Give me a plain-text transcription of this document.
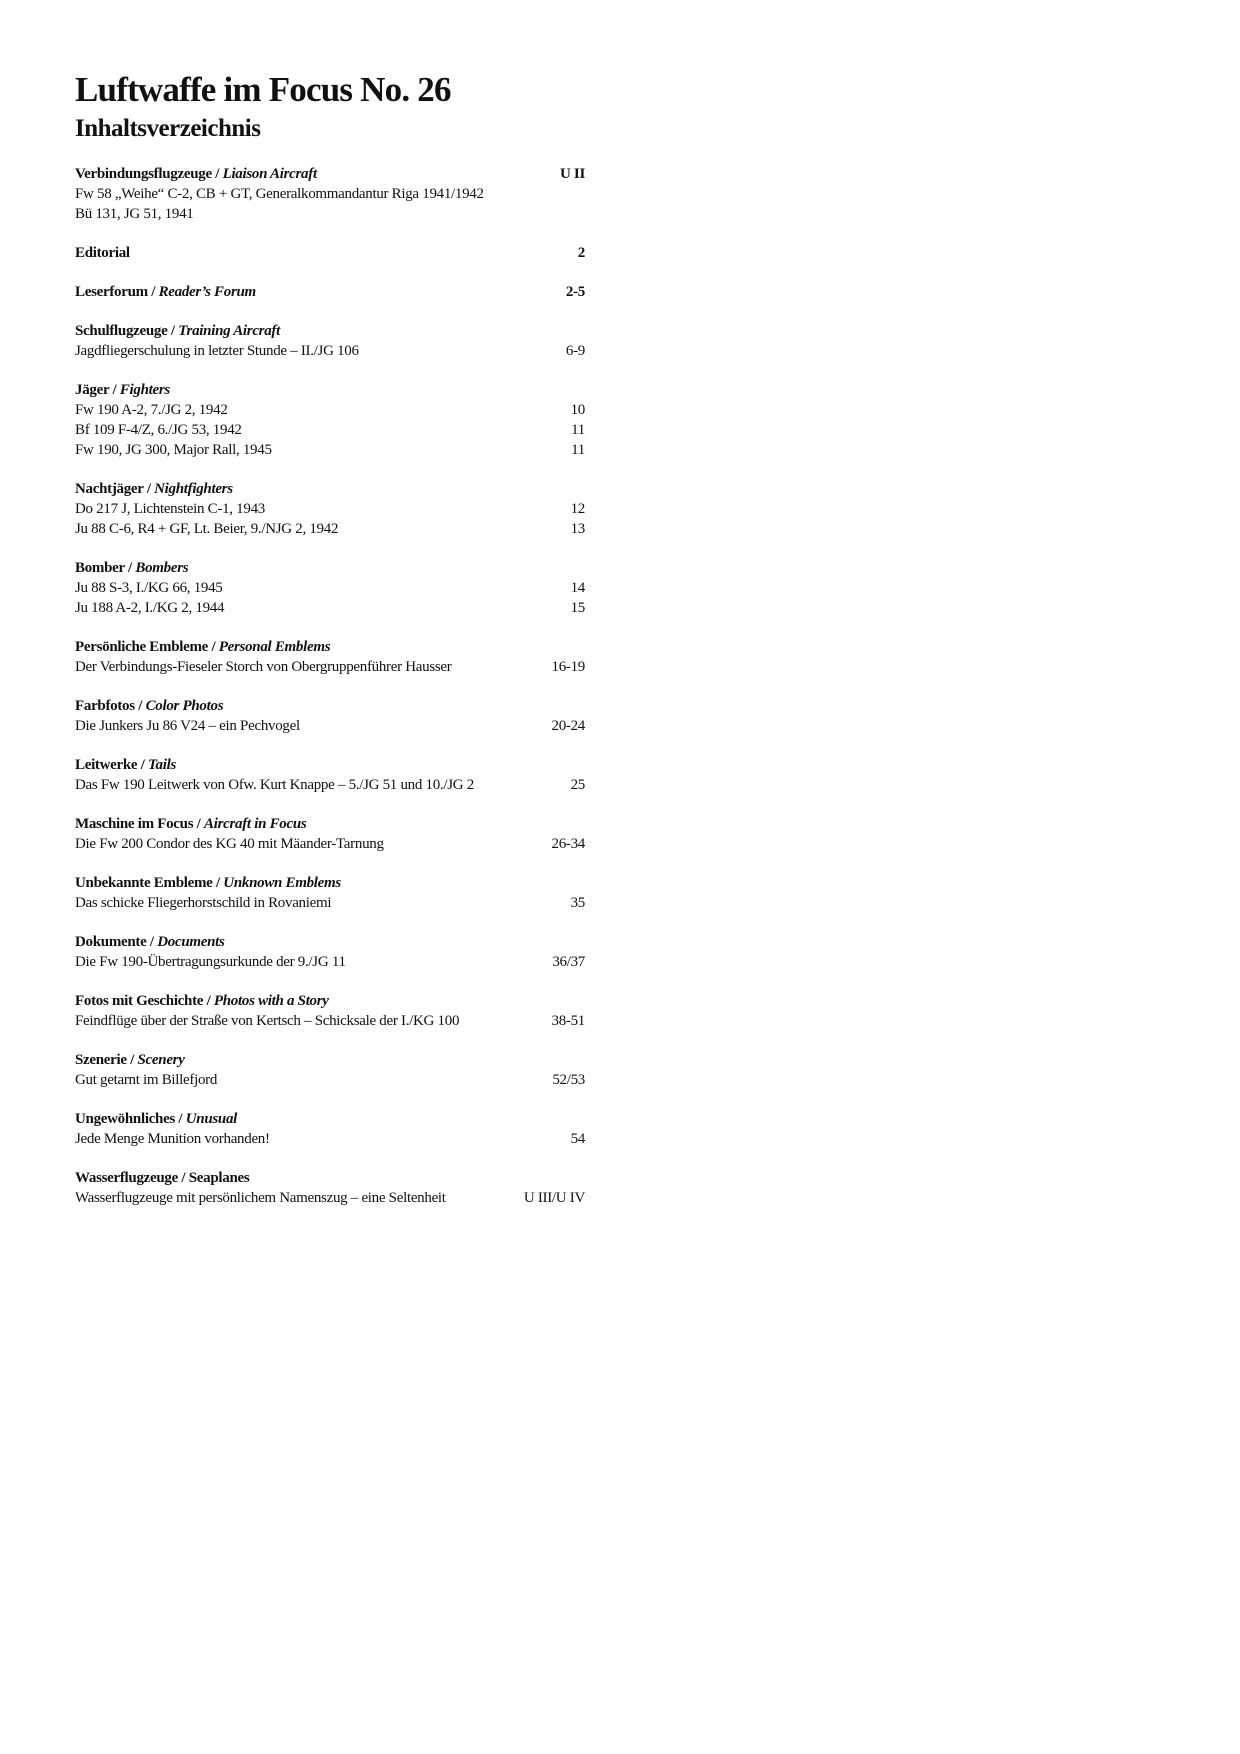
Luftwaffe im Focus No. 26
Inhaltsverzeichnis
Verbindungsflugzeuge / Liaison Aircraft	U II
Fw 58 „Weihe“ C-2, CB + GT, Generalkommandantur Riga 1941/1942
Bü 131, JG 51, 1941
Editorial	2
Leserforum / Reader’s Forum	2-5
Schulflugzeuge / Training Aircraft
Jagdfliegerschulung in letzter Stunde – II./JG 106	6-9
Jäger / Fighters
Fw 190 A-2, 7./JG 2, 1942	10
Bf 109 F-4/Z, 6./JG 53, 1942	11
Fw 190, JG 300, Major Rall, 1945	11
Nachtjäger / Nightfighters
Do 217 J, Lichtenstein C-1, 1943	12
Ju 88 C-6, R4 + GF, Lt. Beier, 9./NJG 2, 1942	13
Bomber / Bombers
Ju 88 S-3, I./KG 66, 1945	14
Ju 188 A-2, I./KG 2, 1944	15
Persönliche Embleme / Personal Emblems
Der Verbindungs-Fieseler Storch von Obergruppenführer Hausser	16-19
Farbfotos / Color Photos
Die Junkers Ju 86 V24 – ein Pechvogel	20-24
Leitwerke / Tails
Das Fw 190 Leitwerk von Ofw. Kurt Knappe – 5./JG 51 und 10./JG 2	25
Maschine im Focus / Aircraft in Focus
Die Fw 200 Condor des KG 40 mit Mäander-Tarnung	26-34
Unbekannte Embleme / Unknown Emblems
Das schicke Fliegerhorstschild in Rovaniemi	35
Dokumente / Documents
Die Fw 190-Übertragungsurkunde der 9./JG 11	36/37
Fotos mit Geschichte / Photos with a Story
Feindflüge über der Straße von Kertsch – Schicksale der I./KG 100	38-51
Szenerie / Scenery
Gut getarnt im Billefjord	52/53
Ungewöhnliches / Unusual
Jede Menge Munition vorhanden!	54
Wasserflugzeuge / Seaplanes
Wasserflugzeuge mit persönlichem Namenszug – eine Seltenheit	U III/U IV
